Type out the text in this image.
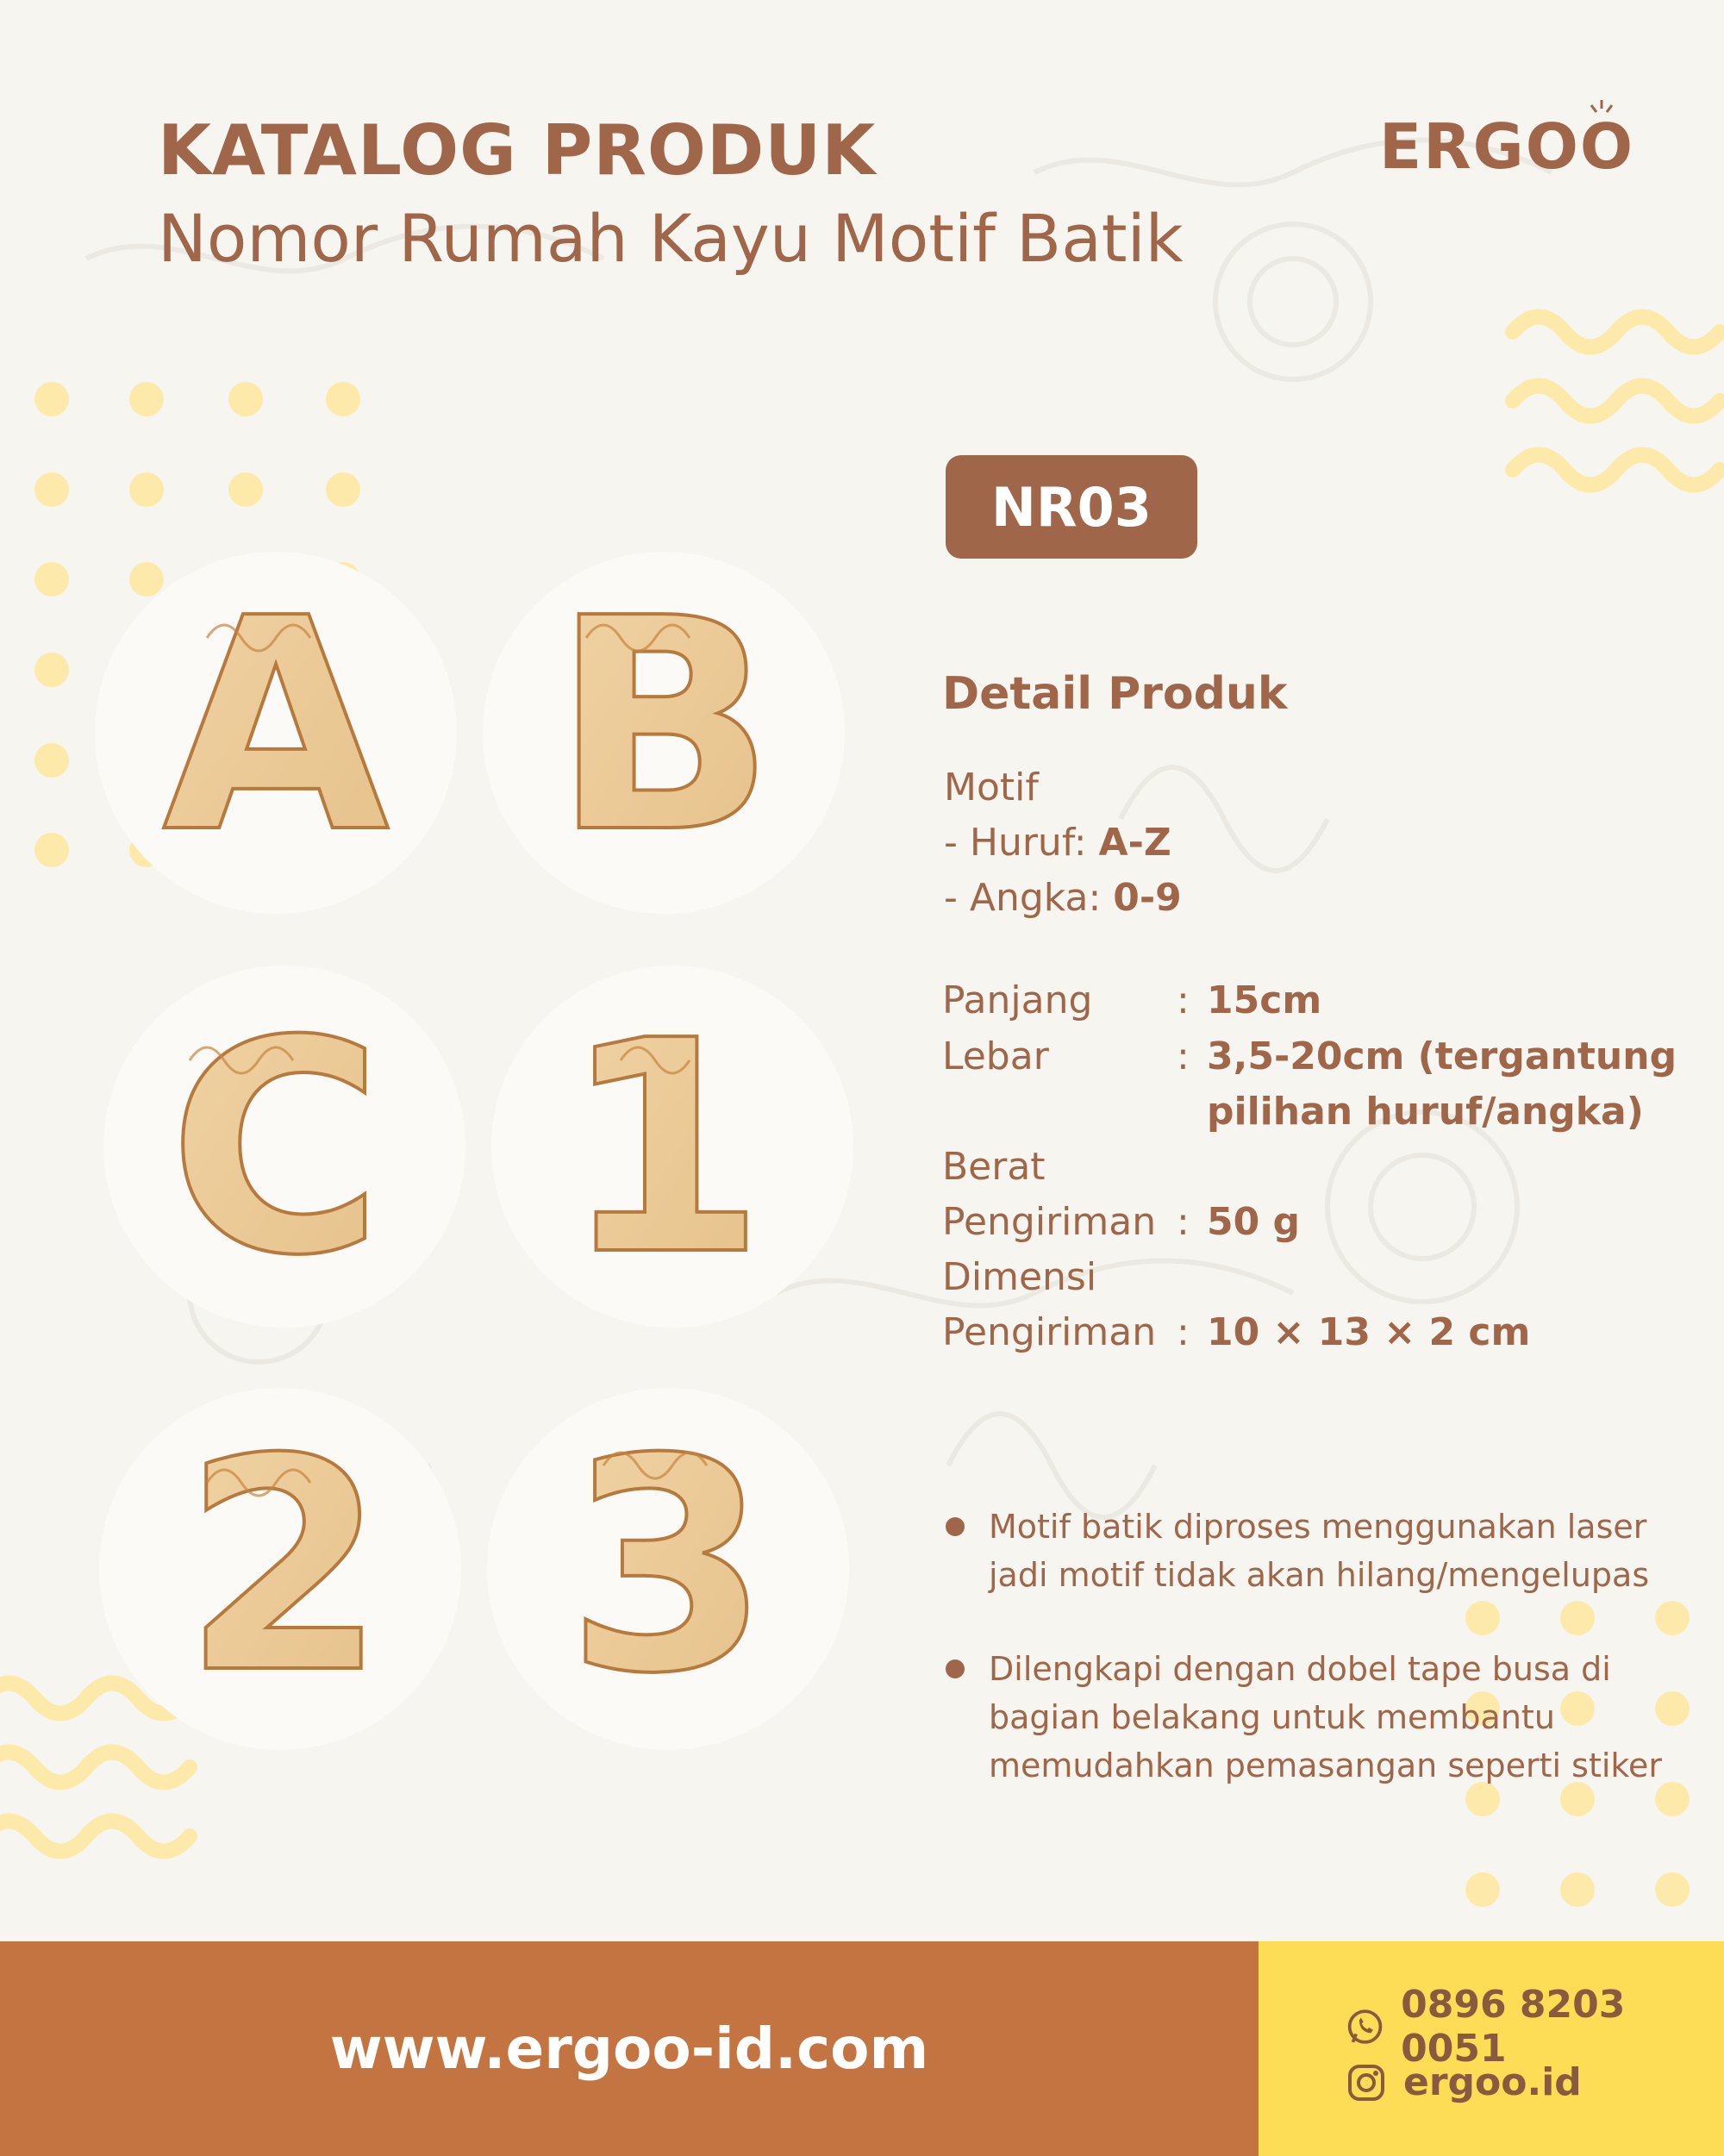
KATALOG PRODUK
Nomor Rumah Kayu Motif Batik
ERGOO
A B
C 1
2 3
NR03
Detail Produk
Motif
- Huruf: A-Z
- Angka: 0-9
Panjang : 15cm
Lebar	: 3,5-20cm (tergantung
pilihan huruf/angka)
Berat
Pengiriman : 50 g
Dimensi
Pengiriman : 10 × 13 × 2 cm
Motif batik diproses menggunakan laser
jadi motif tidak akan hilang/mengelupas
Dilengkapi dengan dobel tape busa di
bagian belakang untuk membantu
memudahkan pemasangan seperti stiker
www.ergoo-id.com
0896 8203 0051
ergoo.id
